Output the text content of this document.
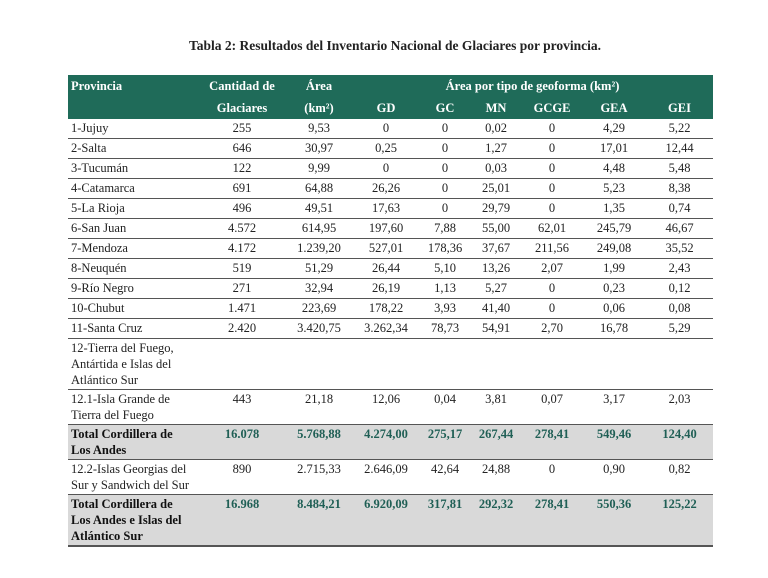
Tabla 2: Resultados del Inventario Nacional de Glaciares por provincia.
Provincia	Cantidad de	Área	Área por tipo de geoforma (km²)					
	Glaciares	(km²)	GD	GC	MN	GCGE	GEA	GEI
1-Jujuy	255	9,53	0	0	0,02	0	4,29	5,22
2-Salta	646	30,97	0,25	0	1,27	0	17,01	12,44
3-Tucumán	122	9,99	0	0	0,03	0	4,48	5,48
4-Catamarca	691	64,88	26,26	0	25,01	0	5,23	8,38
5-La Rioja	496	49,51	17,63	0	29,79	0	1,35	0,74
6-San Juan	4.572	614,95	197,60	7,88	55,00	62,01	245,79	46,67
7-Mendoza	4.172	1.239,20	527,01	178,36	37,67	211,56	249,08	35,52
8-Neuquén	519	51,29	26,44	5,10	13,26	2,07	1,99	2,43
9-Río Negro	271	32,94	26,19	1,13	5,27	0	0,23	0,12
10-Chubut	1.471	223,69	178,22	3,93	41,40	0	0,06	0,08
11-Santa Cruz	2.420	3.420,75	3.262,34	78,73	54,91	2,70	16,78	5,29
12-Tierra del Fuego, Antártida e Islas del Atlántico Sur								
12.1-Isla Grande de Tierra del Fuego	443	21,18	12,06	0,04	3,81	0,07	3,17	2,03
Total Cordillera de Los Andes	16.078	5.768,88	4.274,00	275,17	267,44	278,41	549,46	124,40
12.2-Islas Georgias del Sur y Sandwich del Sur	890	2.715,33	2.646,09	42,64	24,88	0	0,90	0,82
Total Cordillera de Los Andes e Islas del Atlántico Sur	16.968	8.484,21	6.920,09	317,81	292,32	278,41	550,36	125,22
